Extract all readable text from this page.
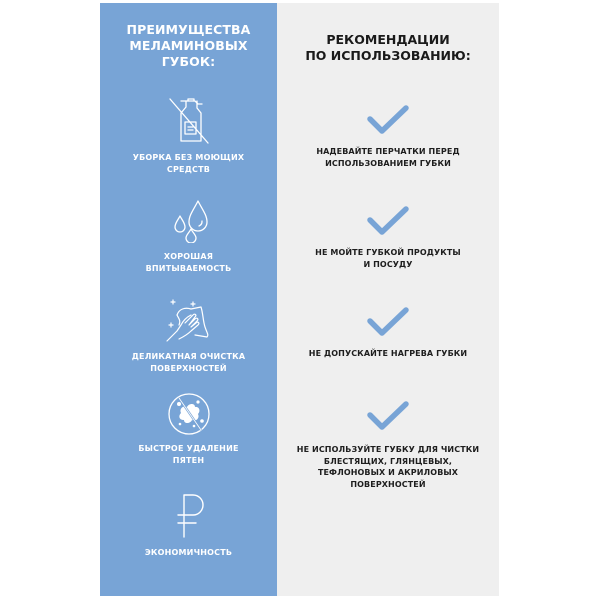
ПРЕИМУЩЕСТВА
МЕЛАМИНОВЫХ
ГУБОК:
УБОРКА БЕЗ МОЮЩИХ
СРЕДСТВ
ХОРОШАЯ
ВПИТЫВАЕМОСТЬ
ДЕЛИКАТНАЯ ОЧИСТКА
ПОВЕРХНОСТЕЙ
БЫСТРОЕ УДАЛЕНИЕ
ПЯТЕН
ЭКОНОМИЧНОСТЬ
РЕКОМЕНДАЦИИ
ПО ИСПОЛЬЗОВАНИЮ:
НАДЕВАЙТЕ ПЕРЧАТКИ ПЕРЕД
ИСПОЛЬЗОВАНИЕМ ГУБКИ
НЕ МОЙТЕ ГУБКОЙ ПРОДУКТЫ
И ПОСУДУ
НЕ ДОПУСКАЙТЕ НАГРЕВА ГУБКИ
НЕ ИСПОЛЬЗУЙТЕ ГУБКУ ДЛЯ ЧИСТКИ
БЛЕСТЯЩИХ, ГЛЯНЦЕВЫХ,
ТЕФЛОНОВЫХ И АКРИЛОВЫХ
ПОВЕРХНОСТЕЙ
